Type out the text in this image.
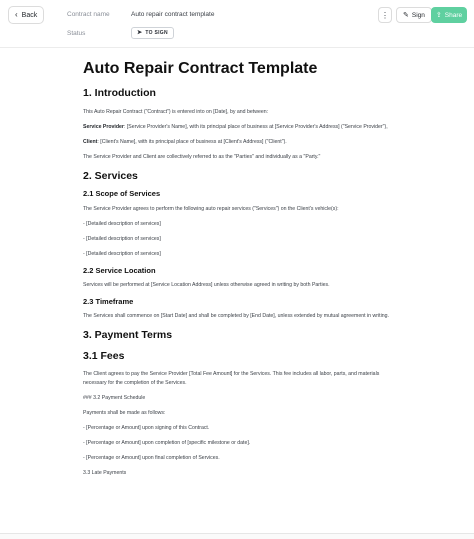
‹ Back	Contract name	Auto repair contract template
Status	➤ TO SIGN
⋮ ✎ Sign ⇪ Share
Auto Repair Contract Template
1. Introduction

This Auto Repair Contract ("Contract") is entered into on [Date], by and between:

Service Provider: [Service Provider's Name], with its principal place of business at [Service Provider's Address] ("Service Provider"),

Client: [Client's Name], with its principal place of business at [Client's Address] ("Client").

The Service Provider and Client are collectively referred to as the "Parties" and individually as a "Party."

2. Services
2.1 Scope of Services

The Service Provider agrees to perform the following auto repair services ("Services") on the Client's vehicle(s):

- [Detailed description of services]

- [Detailed description of services]

- [Detailed description of services]

2.2 Service Location

Services will be performed at [Service Location Address] unless otherwise agreed in writing by both Parties.

2.3 Timeframe

The Services shall commence on [Start Date] and shall be completed by [End Date], unless extended by mutual agreement in writing.

3. Payment Terms
3.1 Fees

The Client agrees to pay the Service Provider [Total Fee Amount] for the Services. This fee includes all labor, parts, and materials necessary for the completion of the Services.

### 3.2 Payment Schedule

Payments shall be made as follows:

- [Percentage or Amount] upon signing of this Contract.

- [Percentage or Amount] upon completion of [specific milestone or date].

- [Percentage or Amount] upon final completion of Services.

3.3 Late Payments
